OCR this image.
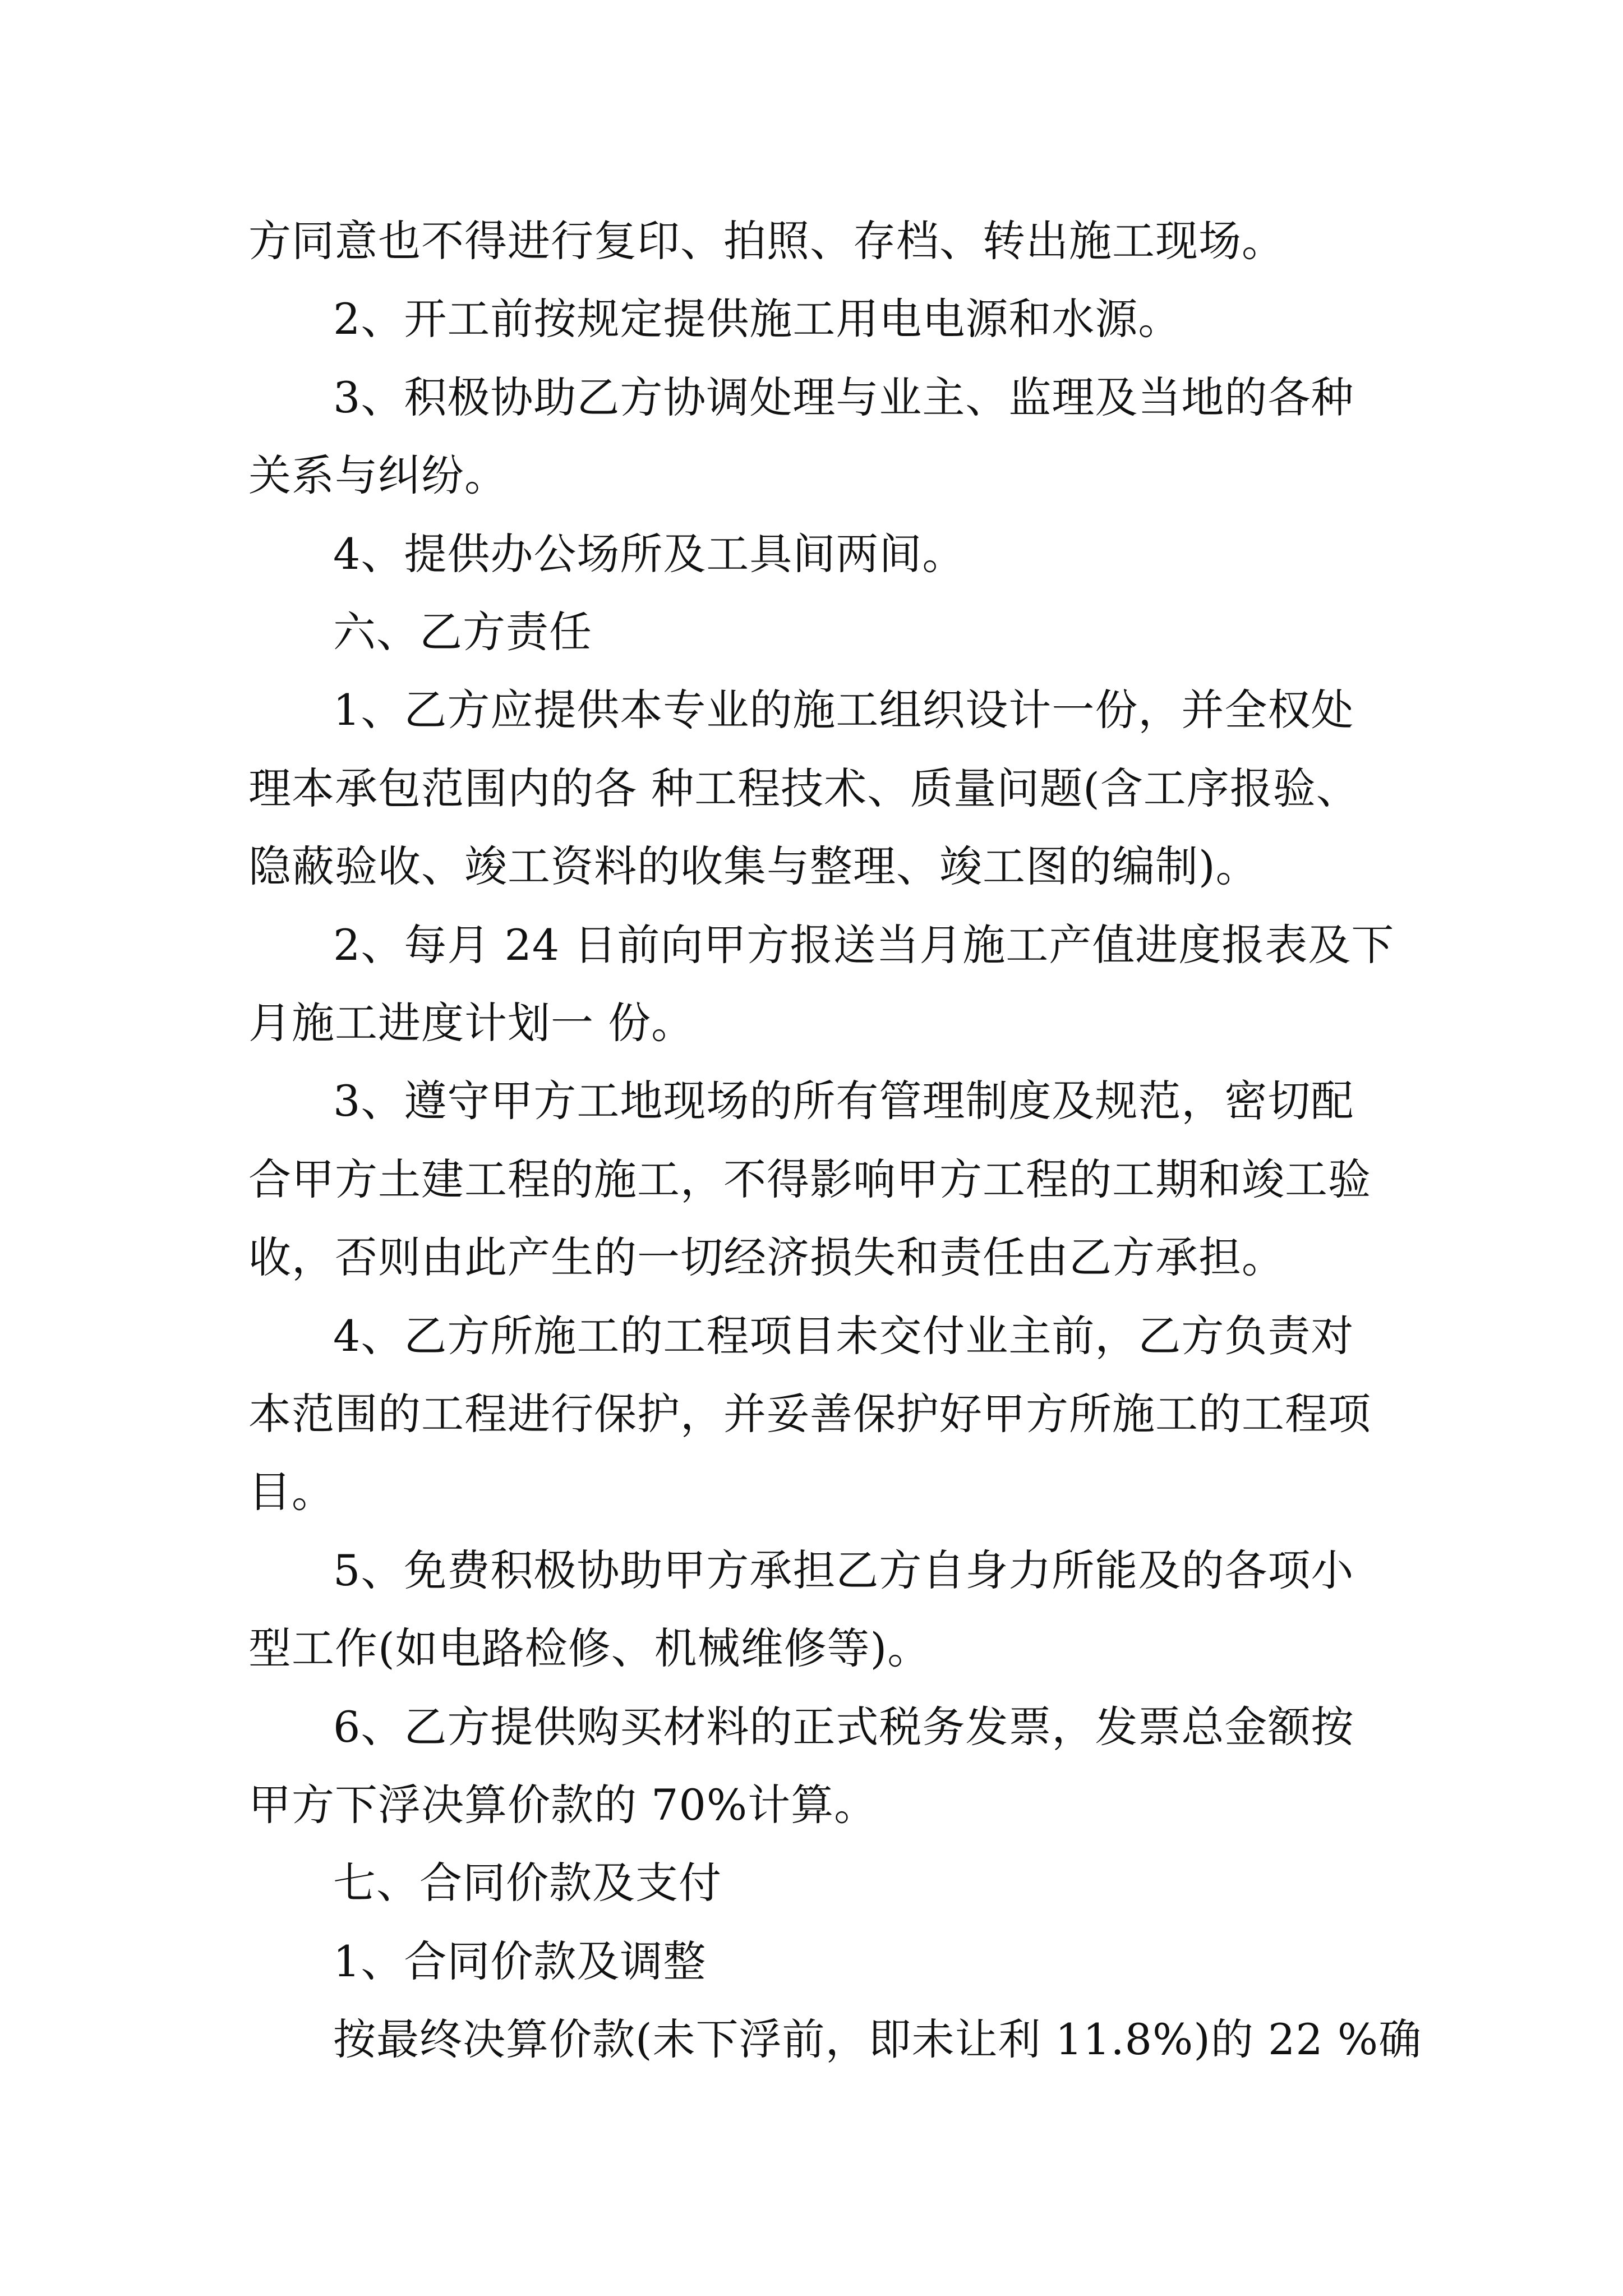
方同意也不得进行复印、拍照、存档、转出施工现场。
2、开工前按规定提供施工用电电源和水源。
3、积极协助乙方协调处理与业主、监理及当地的各种
关系与纠纷。
4、提供办公场所及工具间两间。
六、乙方责任
1、乙方应提供本专业的施工组织设计一份，并全权处
理本承包范围内的各 种工程技术、质量问题(含工序报验、
隐蔽验收、竣工资料的收集与整理、竣工图的编制)。
2、每月 24 日前向甲方报送当月施工产值进度报表及下
月施工进度计划一 份。
3、遵守甲方工地现场的所有管理制度及规范，密切配
合甲方土建工程的施工，不得影响甲方工程的工期和竣工验
收，否则由此产生的一切经济损失和责任由乙方承担。
4、乙方所施工的工程项目未交付业主前，乙方负责对
本范围的工程进行保护，并妥善保护好甲方所施工的工程项
目。
5、免费积极协助甲方承担乙方自身力所能及的各项小
型工作(如电路检修、机械维修等)。
6、乙方提供购买材料的正式税务发票，发票总金额按
甲方下浮决算价款的 70%计算。
七、合同价款及支付
1、合同价款及调整
按最终决算价款(未下浮前，即未让利 11.8%)的 22 %确
